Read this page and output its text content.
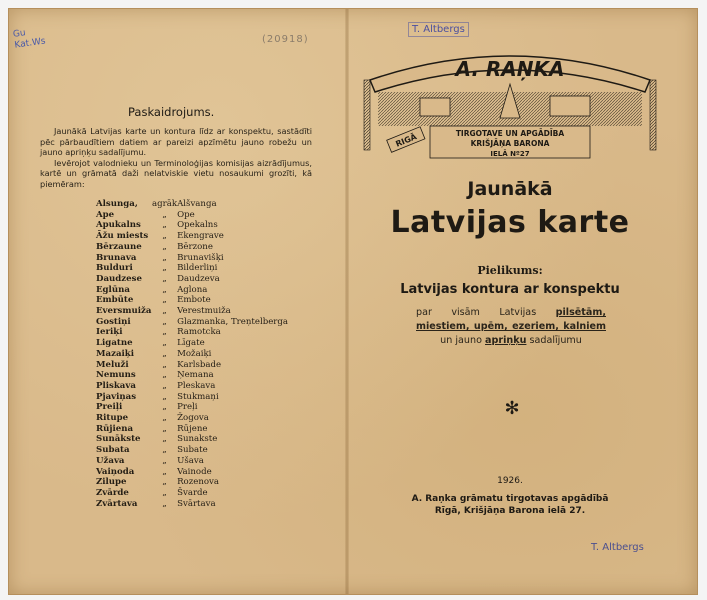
Gu
Kat.Ws	(20918)
T. Altbergs
T. Altbergs
Paskaidrojums.

Jaunākā Latvijas karte un kontura līdz ar konspektu, sastādīti pēc pārbaudītiem datiem ar pareizi apzīmētu jauno robežu un jauno apriņķu sadalījumu.

Ievērojot valodnieku un Terminoloģijas komisijas aizrādījumus, kartē un grāmatā daži nelatviskie vietu nosaukumi grozīti, kā piemēram:

Alsunga,	agrāk	Alšvanga
Ape	„	Ope
Apukalns	„	Opekalns
Āžu miests	„	Ekengrave
Bērzaune	„	Bērzone
Brunava	„	Brunavišķi
Bulduri	„	Bilderliņi
Daudzese	„	Daudzeva
Eglūna	„	Aglona
Embūte	„	Embote
Eversmuiža	„	Verestmuiža
Gostiņi	„	Glazmanka, Treņtelberga
Ieriķi	„	Ramotcka
Ligatne	„	Līgate
Mazaiķi	„	Možaiķi
Meluži	„	Karlsbade
Nemuns	„	Ņemana
Pliskava	„	Pleskava
Pjaviņas	„	Stukmaņi
Preiļi	„	Preļi
Ritupe	„	Žogova
Rūjiena	„	Rūjene
Sunākste	„	Sunakste
Subata	„	Subate
Užava	„	Ušava
Vaiņoda	„	Vainode
Zilupe	„	Rozenova
Zvārde	„	Švarde
Zvārtava	„	Svārtava
A. RAŅKA
TIRGOTAVE UN APGĀDĪBA
KRIŠJĀŅA BARONA
IELĀ Nº27
RIGĀ
Jaunākā
Latvijas karte
Pielikums:
Latvijas kontura ar konspektu
par visām Latvijas pilsētām, miestiem, upēm, ezeriem, kalniem un jauno apriņķu sadalījumu
✻
1926.
A. Raņka grāmatu tirgotavas apgādībā
Rīgā, Krišjāņa Barona ielā 27.
